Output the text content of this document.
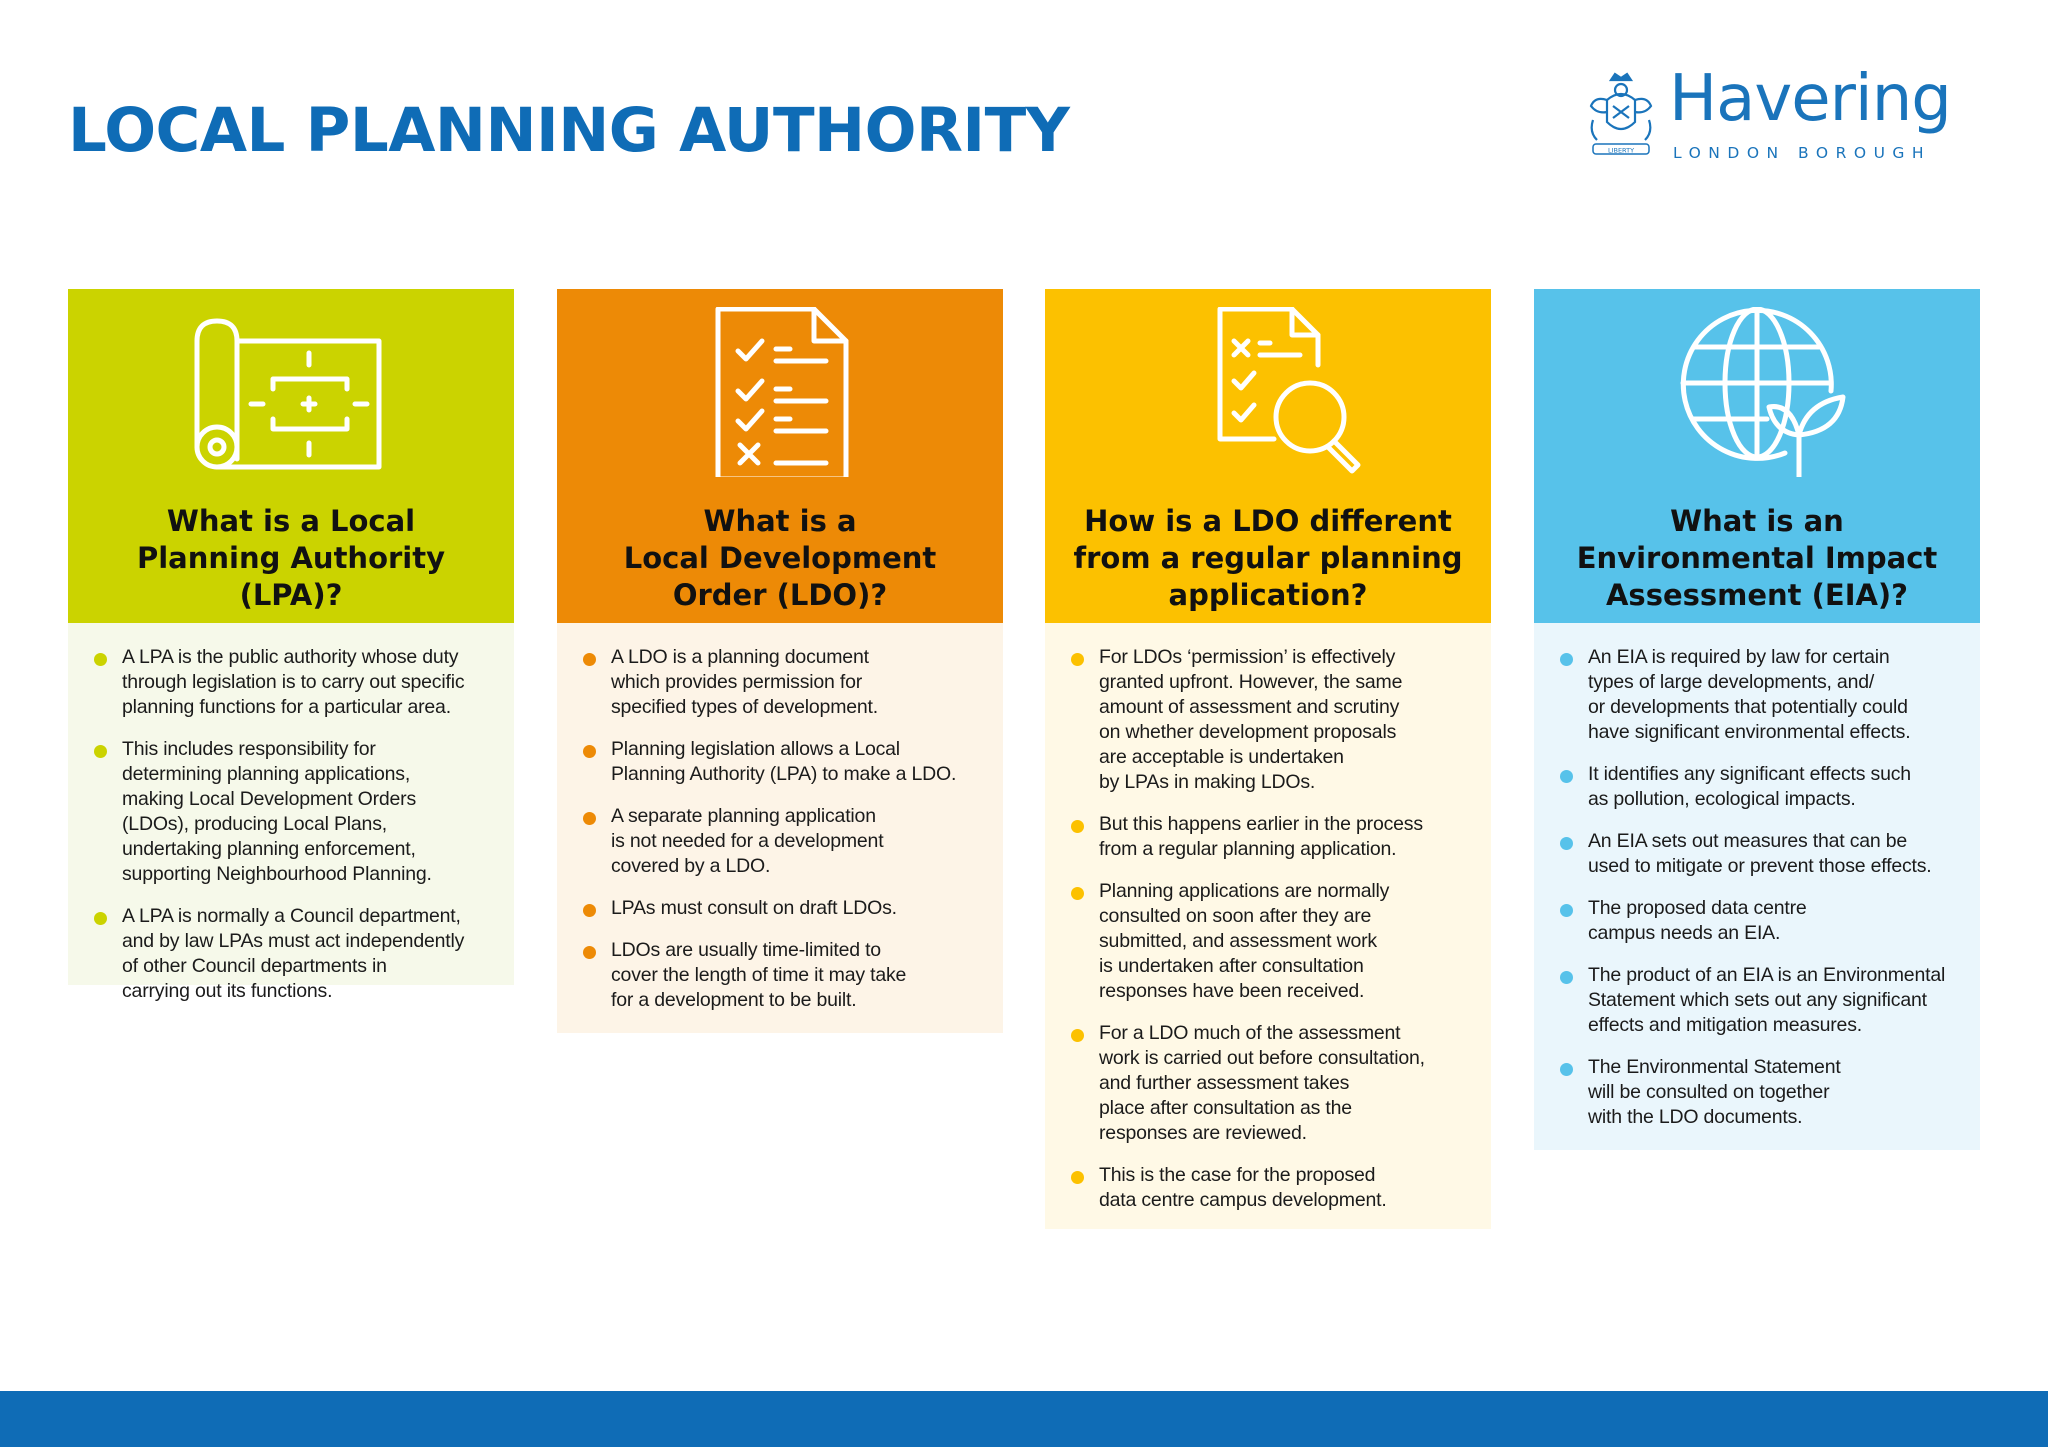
LOCAL PLANNING AUTHORITY	LIBERTY
Havering
LONDON BOROUGH
What is a Local
Planning Authority
(LPA)?
A LPA is the public authority whose duty
through legislation is to carry out specific
planning functions for a particular area.
This includes responsibility for
determining planning applications,
making Local Development Orders
(LDOs), producing Local Plans,
undertaking planning enforcement,
supporting Neighbourhood Planning.
A LPA is normally a Council department,
and by law LPAs must act independently
of other Council departments in
carrying out its functions.
What is a
Local Development
Order (LDO)?
A LDO is a planning document
which provides permission for
specified types of development.
Planning legislation allows a Local
Planning Authority (LPA) to make a LDO.
A separate planning application
is not needed for a development
covered by a LDO.
LPAs must consult on draft LDOs.
LDOs are usually time-limited to
cover the length of time it may take
for a development to be built.
How is a LDO different
from a regular planning
application?
For LDOs ‘permission’ is effectively
granted upfront. However, the same
amount of assessment and scrutiny
on whether development proposals
are acceptable is undertaken
by LPAs in making LDOs.
But this happens earlier in the process
from a regular planning application.
Planning applications are normally
consulted on soon after they are
submitted, and assessment work
is undertaken after consultation
responses have been received.
For a LDO much of the assessment
work is carried out before consultation,
and further assessment takes
place after consultation as the
responses are reviewed.
This is the case for the proposed
data centre campus development.
What is an
Environmental Impact
Assessment (EIA)?
An EIA is required by law for certain
types of large developments, and/
or developments that potentially could
have significant environmental effects.
It identifies any significant effects such
as pollution, ecological impacts.
An EIA sets out measures that can be
used to mitigate or prevent those effects.
The proposed data centre
campus needs an EIA.
The product of an EIA is an Environmental
Statement which sets out any significant
effects and mitigation measures.
The Environmental Statement
will be consulted on together
with the LDO documents.
